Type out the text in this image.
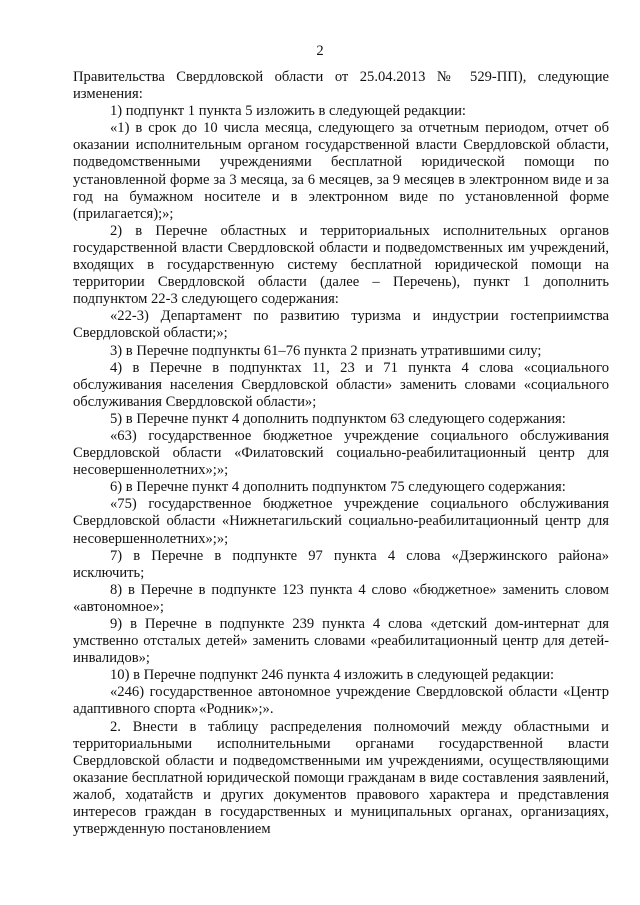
2

Правительства Свердловской области от 25.04.2013 № 529-ПП), следующие изменения:

1) подпункт 1 пункта 5 изложить в следующей редакции:

«1) в срок до 10 числа месяца, следующего за отчетным периодом, отчет об оказании исполнительным органом государственной власти Свердловской области, подведомственными учреждениями бесплатной юридической помощи по установленной форме за 3 месяца, за 6 месяцев, за 9 месяцев в электронном виде и за год на бумажном носителе и в электронном виде по установленной форме (прилагается);»;

2) в Перечне областных и территориальных исполнительных органов государственной власти Свердловской области и подведомственных им учреждений, входящих в государственную систему бесплатной юридической помощи на территории Свердловской области (далее – Перечень), пункт 1 дополнить подпунктом 22-3 следующего содержания:

«22-3) Департамент по развитию туризма и индустрии гостеприимства Свердловской области;»;

3) в Перечне подпункты 61–76 пункта 2 признать утратившими силу;

4) в Перечне в подпунктах 11, 23 и 71 пункта 4 слова «социального обслуживания населения Свердловской области» заменить словами «социального обслуживания Свердловской области»;

5) в Перечне пункт 4 дополнить подпунктом 63 следующего содержания:

«63) государственное бюджетное учреждение социального обслуживания Свердловской области «Филатовский социально-реабилитационный центр для несовершеннолетних»;»;

6) в Перечне пункт 4 дополнить подпунктом 75 следующего содержания:

«75) государственное бюджетное учреждение социального обслуживания Свердловской области «Нижнетагильский социально-реабилитационный центр для несовершеннолетних»;»;

7) в Перечне в подпункте 97 пункта 4 слова «Дзержинского района» исключить;

8) в Перечне в подпункте 123 пункта 4 слово «бюджетное» заменить словом «автономное»;

9) в Перечне в подпункте 239 пункта 4 слова «детский дом-интернат для умственно отсталых детей» заменить словами «реабилитационный центр для детей-инвалидов»;

10) в Перечне подпункт 246 пункта 4 изложить в следующей редакции:

«246) государственное автономное учреждение Свердловской области «Центр адаптивного спорта «Родник»;».

2. Внести в таблицу распределения полномочий между областными и территориальными исполнительными органами государственной власти Свердловской области и подведомственными им учреждениями, осуществляющими оказание бесплатной юридической помощи гражданам в виде составления заявлений, жалоб, ходатайств и других документов правового характера и представления интересов граждан в государственных и муниципальных органах, организациях, утвержденную постановлением
